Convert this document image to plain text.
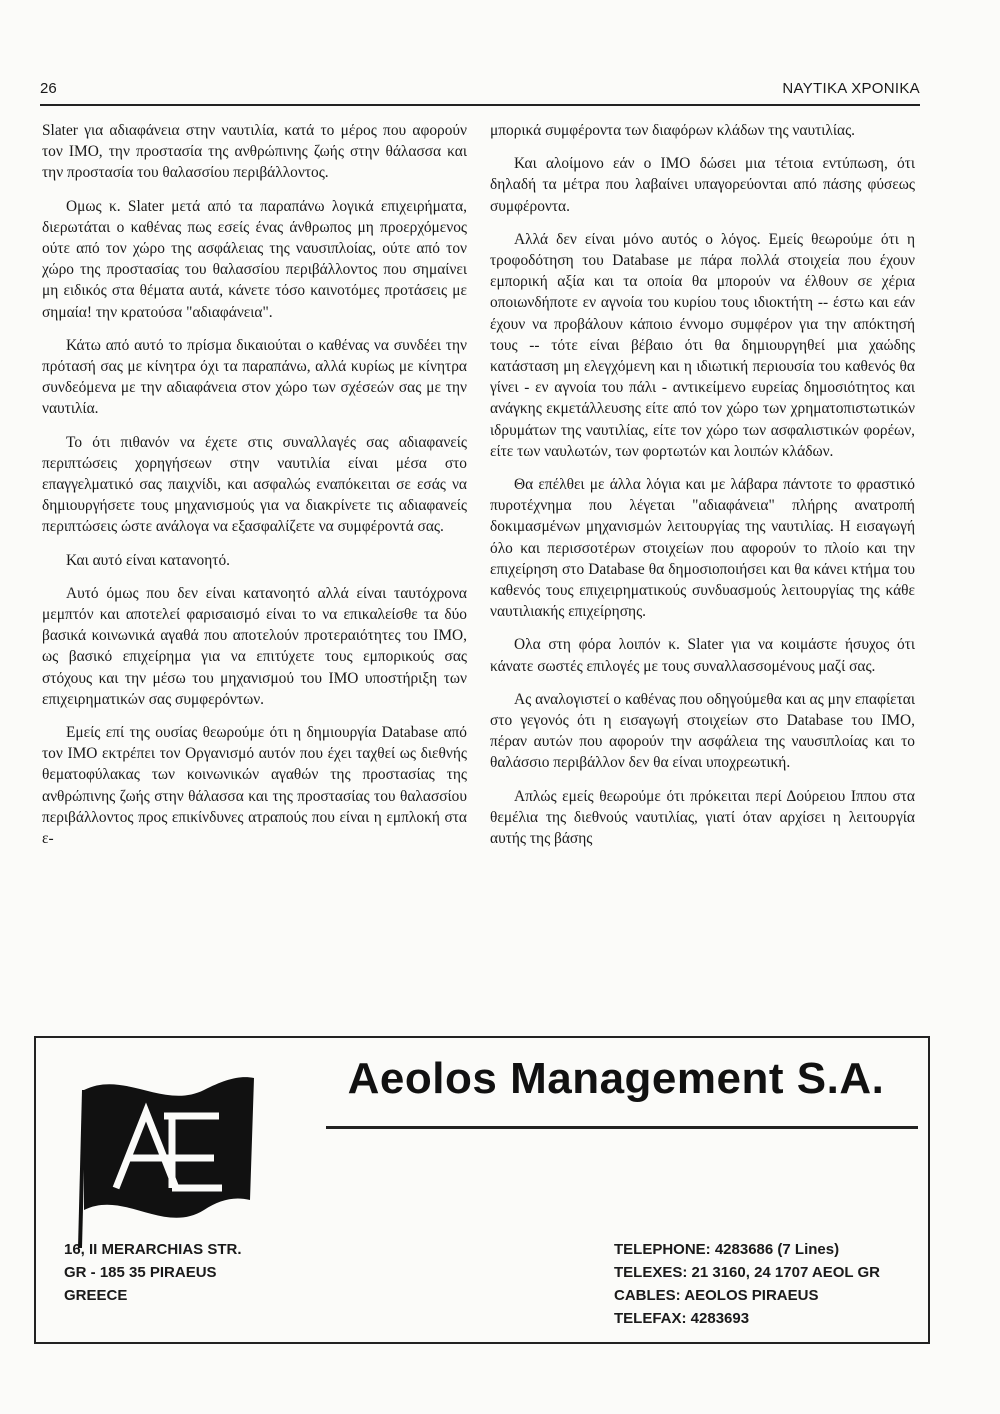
26	ΝΑΥΤΙΚΑ ΧΡΟΝΙΚΑ

Slater για αδιαφάνεια στην ναυτιλία, κατά το μέρος που αφορούν τον IMO, την προστασία της ανθρώπινης ζωής στην θάλασσα και την προστασία του θαλασσίου περιβάλλοντος.

Ομως κ. Slater μετά από τα παραπάνω λογικά επιχειρήματα, διερωτάται ο καθένας πως εσείς ένας άνθρωπος μη προερχόμενος ούτε από τον χώρο της ασφάλειας της ναυσιπλοίας, ούτε από τον χώρο της προστασίας του θαλασσίου περιβάλλοντος που σημαίνει μη ειδικός στα θέματα αυτά, κάνετε τόσο καινοτόμες προτάσεις με σημαία! την κρατούσα "αδιαφάνεια".

Κάτω από αυτό το πρίσμα δικαιούται ο καθένας να συνδέει την πρότασή σας με κίνητρα όχι τα παραπάνω, αλλά κυρίως με κίνητρα συνδεόμενα με την αδιαφάνεια στον χώρο των σχέσεών σας με την ναυτιλία.

Το ότι πιθανόν να έχετε στις συναλλαγές σας αδιαφανείς περιπτώσεις χορηγήσεων στην ναυτιλία είναι μέσα στο επαγγελματικό σας παιχνίδι, και ασφαλώς εναπόκειται σε εσάς να δημιουργήσετε τους μηχανισμούς για να διακρίνετε τις αδιαφανείς περιπτώσεις ώστε ανάλογα να εξασφαλίζετε να συμφέροντά σας.

Και αυτό είναι κατανοητό.

Αυτό όμως που δεν είναι κατανοητό αλλά είναι ταυτόχρονα μεμπτόν και αποτελεί φαρισαισμό είναι το να επικαλείσθε τα δύο βασικά κοινωνικά αγαθά που αποτελούν προτεραιότητες του IMO, ως βασικό επιχείρημα για να επιτύχετε τους εμπορικούς σας στόχους και την μέσω του μηχανισμού του IMO υποστήριξη των επιχειρηματικών σας συμφερόντων.

Εμείς επί της ουσίας θεωρούμε ότι η δημιουργία Database από τον IMO εκτρέπει τον Οργανισμό αυτόν που έχει ταχθεί ως διεθνής θεματοφύλακας των κοινωνικών αγαθών της προστασίας της ανθρώπινης ζωής στην θάλασσα και της προστασίας του θαλασσίου περιβάλλοντος προς επικίνδυνες ατραπούς που είναι η εμπλοκή στα ε-

μπορικά συμφέροντα των διαφόρων κλάδων της ναυτιλίας.

Και αλοίμονο εάν ο IMO δώσει μια τέτοια εντύπωση, ότι δηλαδή τα μέτρα που λαβαίνει υπαγορεύονται από πάσης φύσεως συμφέροντα.

Αλλά δεν είναι μόνο αυτός ο λόγος. Εμείς θεωρούμε ότι η τροφοδότηση του Database με πάρα πολλά στοιχεία που έχουν εμπορική αξία και τα οποία θα μπορούν να έλθουν σε χέρια οποιωνδήποτε εν αγνοία του κυρίου τους ιδιοκτήτη -- έστω και εάν έχουν να προβάλουν κάποιο έννομο συμφέρον για την απόκτησή τους -- τότε είναι βέβαιο ότι θα δημιουργηθεί μια χαώδης κατάσταση μη ελεγχόμενη και η ιδιωτική περιουσία του καθενός θα γίνει - εν αγνοία του πάλι - αντικείμενο ευρείας δημοσιότητος και ανάγκης εκμετάλλευσης είτε από τον χώρο των χρηματοπιστωτικών ιδρυμάτων της ναυτιλίας, είτε τον χώρο των ασφαλιστικών φορέων, είτε των ναυλωτών, των φορτωτών και λοιπών κλάδων.

Θα επέλθει με άλλα λόγια και με λάβαρα πάντοτε το φραστικό πυροτέχνημα που λέγεται "αδιαφάνεια" πλήρης ανατροπή δοκιμασμένων μηχανισμών λειτουργίας της ναυτιλίας. Η εισαγωγή όλο και περισσοτέρων στοιχείων που αφορούν το πλοίο και την επιχείρηση στο Database θα δημοσιοποιήσει και θα κάνει κτήμα του καθενός τους επιχειρηματικούς συνδυασμούς λειτουργίας της κάθε ναυτιλιακής επιχείρησης.

Ολα στη φόρα λοιπόν κ. Slater για να κοιμάστε ήσυχος ότι κάνατε σωστές επιλογές με τους συναλλασσομένους μαζί σας.

Ας αναλογιστεί ο καθένας που οδηγούμεθα και ας μην επαφίεται στο γεγονός ότι η εισαγωγή στοιχείων στο Database του IMO, πέραν αυτών που αφορούν την ασφάλεια της ναυσιπλοίας και το θαλάσσιο περιβάλλον δεν θα είναι υποχρεωτική.

Απλώς εμείς θεωρούμε ότι πρόκειται περί Δούρειου Ιππου στα θεμέλια της διεθνούς ναυτιλίας, γιατί όταν αρχίσει η λειτουργία αυτής της βάσης

Aeolos Management S.A.
16, II MERARCHIAS STR.
GR - 185 35 PIRAEUS
GREECE
TELEPHONE: 4283686 (7 Lines)
TELEXES: 21 3160, 24 1707 AEOL GR
CABLES: AEOLOS PIRAEUS
TELEFAX: 4283693
